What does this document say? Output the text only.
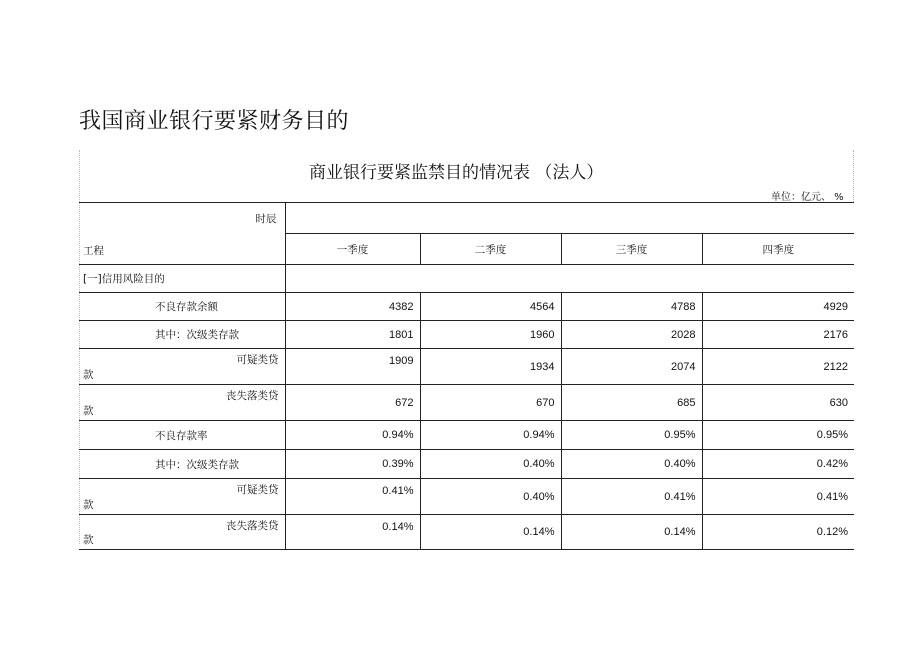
我国商业银行要紧财务目的
商业银行要紧监禁目的情况表 （法人）
单位：亿元、 %
时辰				
工程	一季度	二季度	三季度	四季度
[一]信用风险目的				
不良存款余额	4382	4564	4788	4929
其中：次级类存款	1801	1960	2028	2176

可疑类贷
款	1909	1934	2074	2122

丧失落类贷
款	672	670	685	630
不良存款率	0.94%	0.94%	0.95%	0.95%
其中：次级类存款	0.39%	0.40%	0.40%	0.42%

可疑类贷
款	0.41%	0.40%	0.41%	0.41%

丧失落类贷
款	0.14%	0.14%	0.14%	0.12%
